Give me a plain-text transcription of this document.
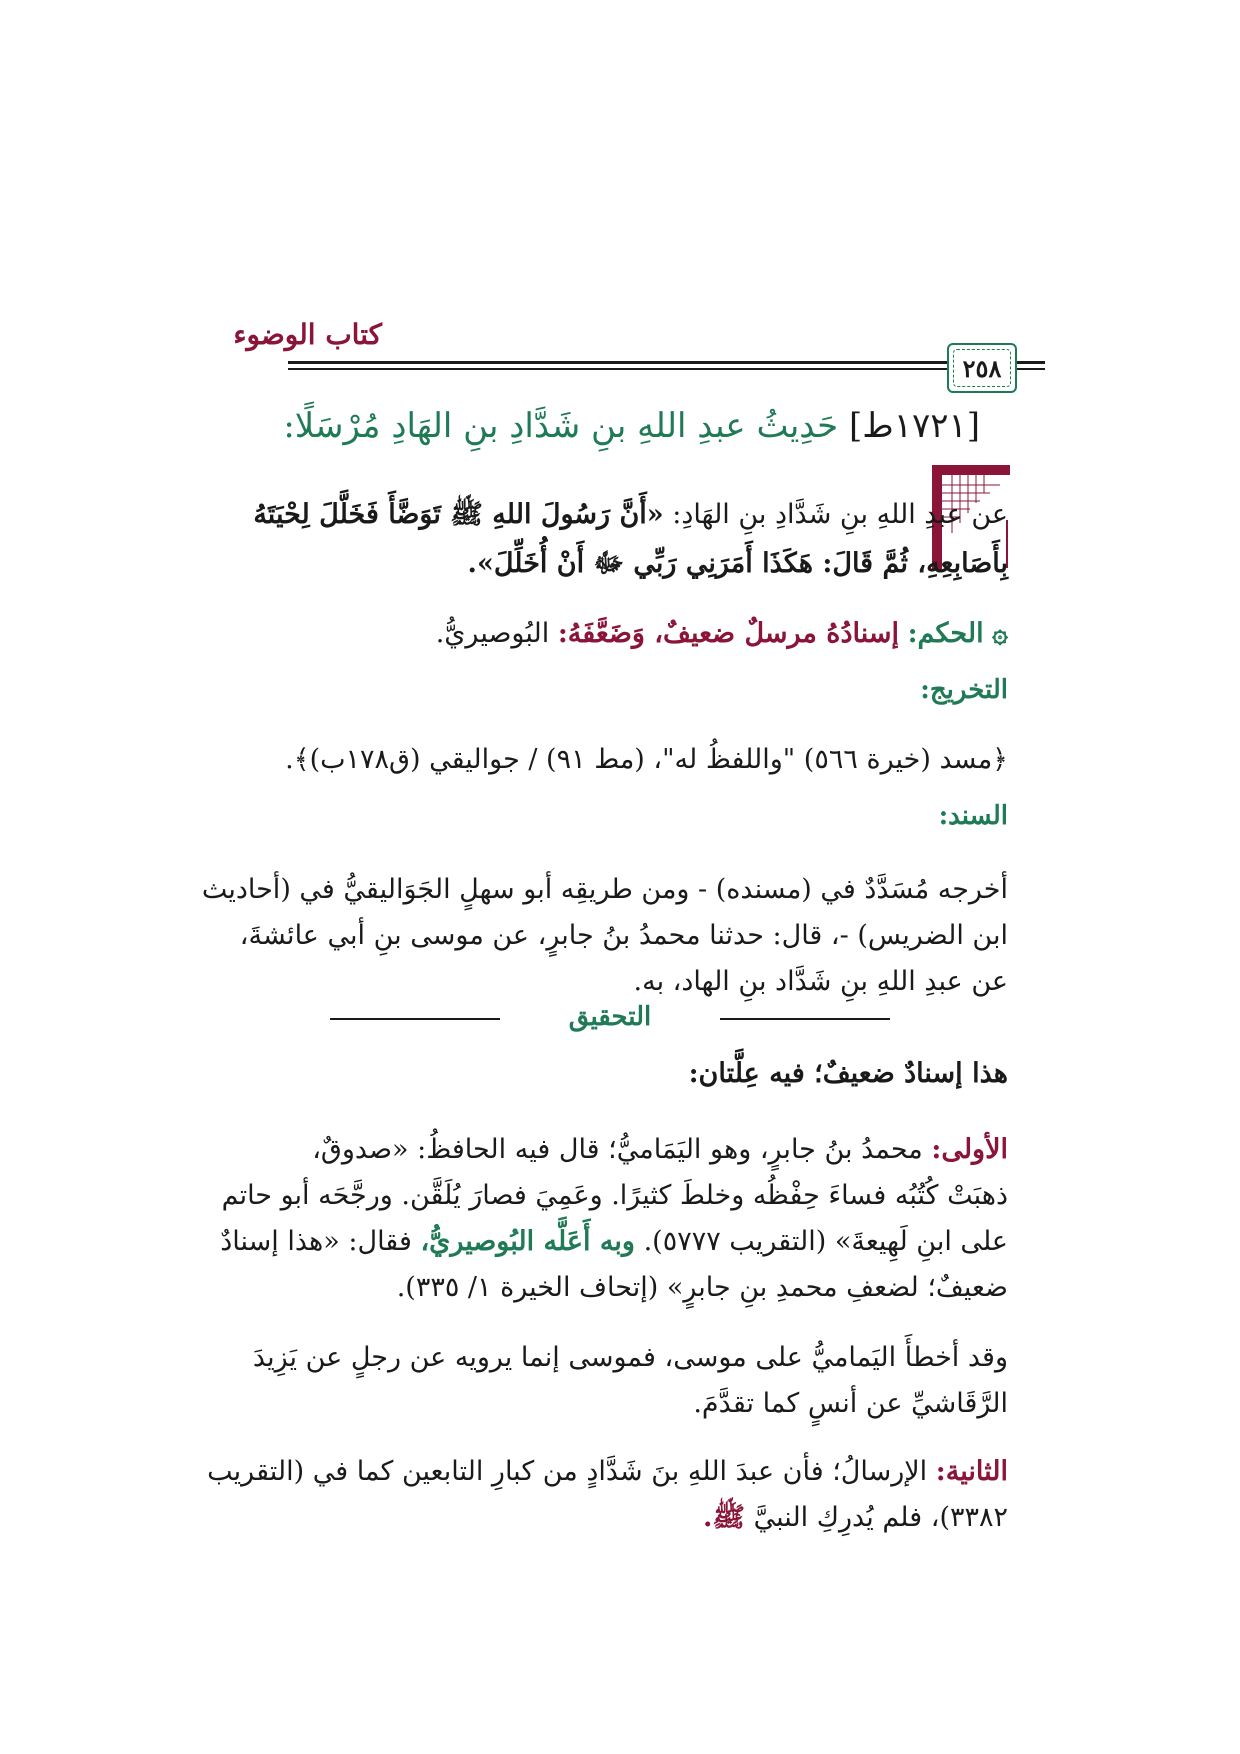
كتاب الوضوء
٢٥٨
[١٧٢١ط] حَدِيثُ عبدِ اللهِ بنِ شَدَّادِ بنِ الهَادِ مُرْسَلًا:
عن عبدِ اللهِ بنِ شَدَّادِ بنِ الهَادِ: «أَنَّ رَسُولَ اللهِ ﷺ تَوَضَّأَ فَخَلَّلَ لِحْيَتَهُ
بِأَصَابِعِهِ، ثُمَّ قَالَ: هَكَذَا أَمَرَنِي رَبِّي ﷻ أَنْ أُخَلِّلَ».
۞ الحكم: إسنادُهُ مرسلٌ ضعيفٌ، وَضَعَّفَهُ: البُوصيريُّ.
التخريج:
﴿مسد (خيرة ٥٦٦) "واللفظُ له"، (مط ٩١) / جواليقي (ق١٧٨ب)﴾.
السند:
أخرجه مُسَدَّدٌ في (مسنده) - ومن طريقِه أبو سهلٍ الجَوَاليقيُّ في (أحاديث
ابن الضريس) -، قال: حدثنا محمدُ بنُ جابرٍ، عن موسى بنِ أبي عائشةَ،
عن عبدِ اللهِ بنِ شَدَّاد بنِ الهاد، به.
التحقيق
هذا إسنادٌ ضعيفٌ؛ فيه عِلَّتان:
الأولى: محمدُ بنُ جابرٍ، وهو اليَمَاميُّ؛ قال فيه الحافظُ: «صدوقٌ،
ذهبَتْ كُتُبُه فساءَ حِفْظُه وخلطَ كثيرًا. وعَمِيَ فصارَ يُلَقَّن. ورجَّحَه أبو حاتم
على ابنِ لَهِيعةَ» (التقريب ٥٧٧٧). وبه أَعَلَّه البُوصيريُّ، فقال: «هذا إسنادٌ
ضعيفٌ؛ لضعفِ محمدِ بنِ جابرٍ» (إتحاف الخيرة ١/ ٣٣٥).
وقد أخطأَ اليَماميُّ على موسى، فموسى إنما يرويه عن رجلٍ عن يَزِيدَ
الرَّقَاشيِّ عن أنسٍ كما تقدَّمَ.
الثانية: الإرسالُ؛ فأن عبدَ اللهِ بنَ شَدَّادٍ من كبارِ التابعين كما في (التقريب
٣٣٨٢)، فلم يُدرِكِ النبيَّ ﷺ.
